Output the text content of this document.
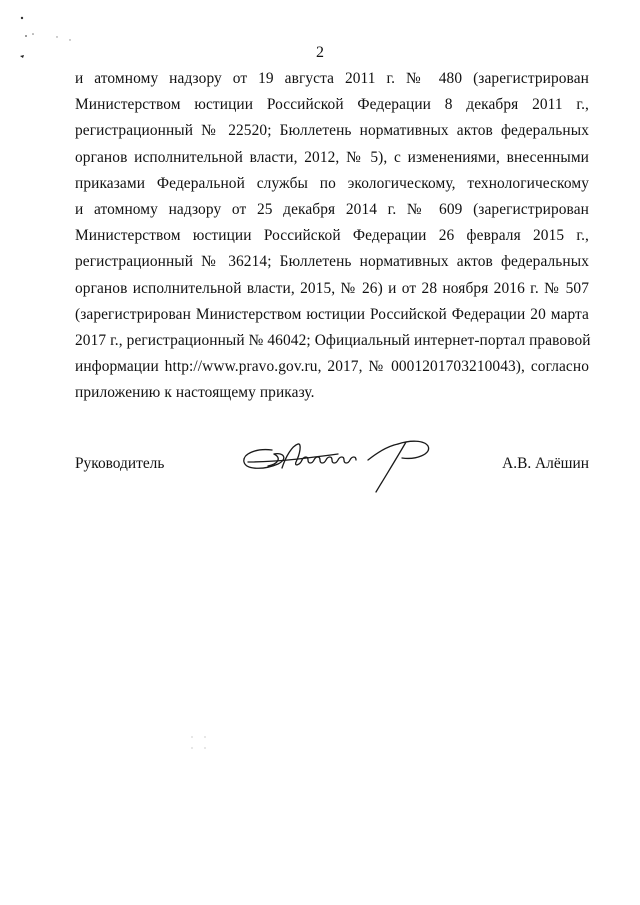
2
и атомному надзору от 19 августа 2011 г. № 480 (зарегистрирован
Министерством юстиции Российской Федерации 8 декабря 2011 г.,
регистрационный № 22520; Бюллетень нормативных актов федеральных
органов исполнительной власти, 2012, № 5), с изменениями, внесенными
приказами Федеральной службы по экологическому, технологическому
и атомному надзору от 25 декабря 2014 г. № 609 (зарегистрирован
Министерством юстиции Российской Федерации 26 февраля 2015 г.,
регистрационный № 36214; Бюллетень нормативных актов федеральных
органов исполнительной власти, 2015, № 26) и от 28 ноября 2016 г. № 507
(зарегистрирован Министерством юстиции Российской Федерации 20 марта
2017 г., регистрационный № 46042; Официальный интернет-портал правовой
информации http://www.pravo.gov.ru, 2017, № 0001201703210043), согласно
приложению к настоящему приказу.
Руководитель	А.В. Алёшин
